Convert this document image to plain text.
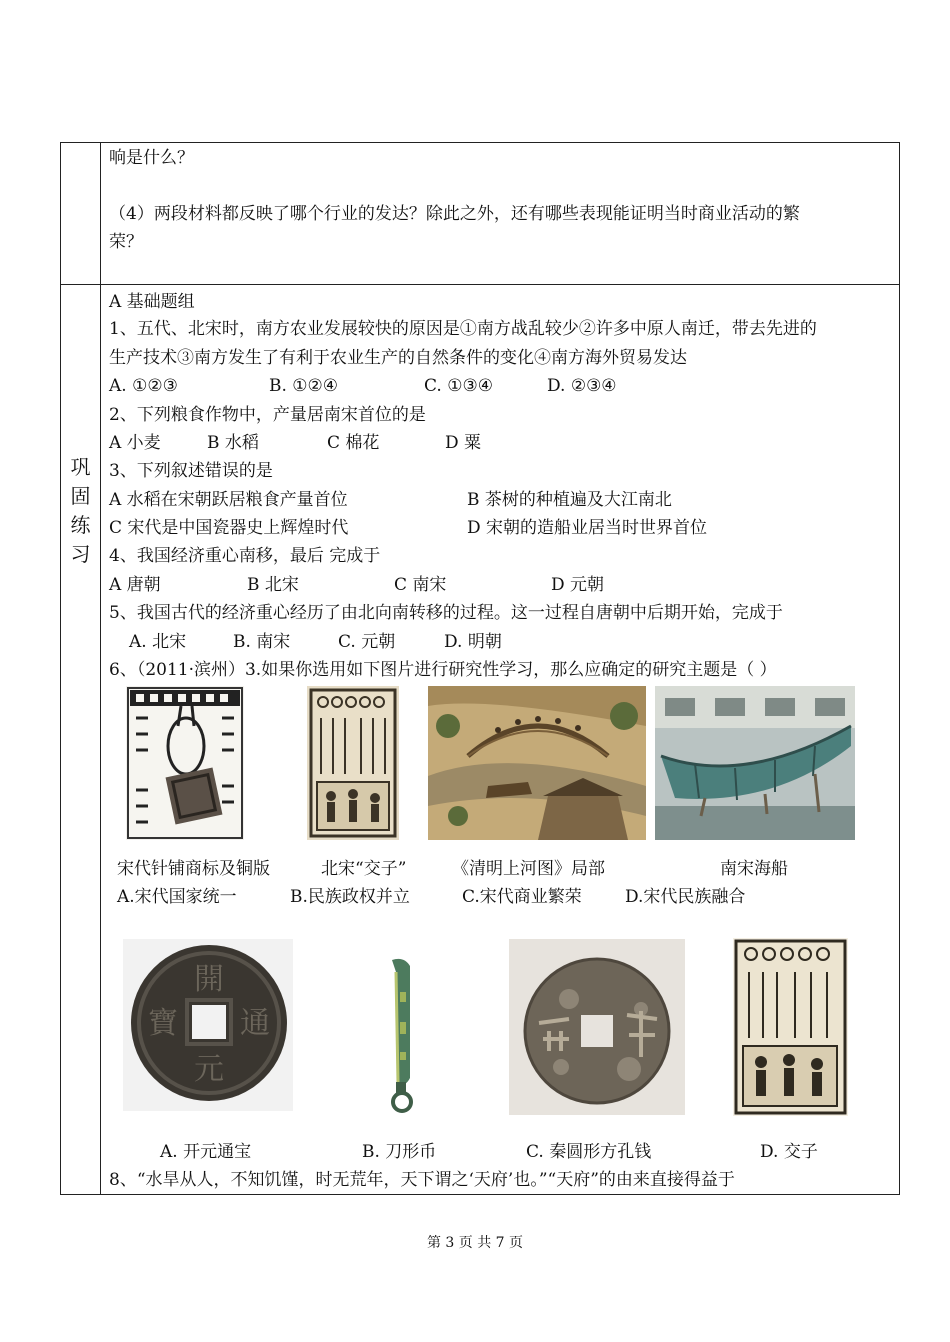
巩
固
练
习
响是什么？
（4）两段材料都反映了哪个行业的发达？除此之外，还有哪些表现能证明当时商业活动的繁
荣？
A 基础题组
1、五代、北宋时，南方农业发展较快的原因是①南方战乱较少②许多中原人南迁，带去先进的
生产技术③南方发生了有利于农业生产的自然条件的变化④南方海外贸易发达
A. ①②③	B. ①②④	C. ①③④	D. ②③④
2、下列粮食作物中，产量居南宋首位的是
A 小麦	B 水稻	C 棉花	D 粟
3、下列叙述错误的是
A 水稻在宋朝跃居粮食产量首位	B 茶树的种植遍及大江南北
C 宋代是中国瓷器史上辉煌时代	D 宋朝的造船业居当时世界首位
4、我国经济重心南移，最后 完成于
A 唐朝	B 北宋	C 南宋	D 元朝
5、我国古代的经济重心经历了由北向南转移的过程。这一过程自唐朝中后期开始，完成于
A. 北宋	B. 南宋	C. 元朝	D. 明朝
6、（2011·滨州）3.如果你选用如下图片进行研究性学习，那么应确定的研究主题是（ ）
宋代针铺商标及铜版	北宋“交子”	《清明上河图》局部	南宋海船
A.宋代国家统一	B.民族政权并立	C.宋代商业繁荣	D.宋代民族融合
開
元
通
寶
A. 开元通宝	B. 刀形币	C. 秦圆形方孔钱	D. 交子
8、“水旱从人，不知饥馑，时无荒年，天下谓之‘天府’也。”“天府”的由来直接得益于
第 3 页 共 7 页
